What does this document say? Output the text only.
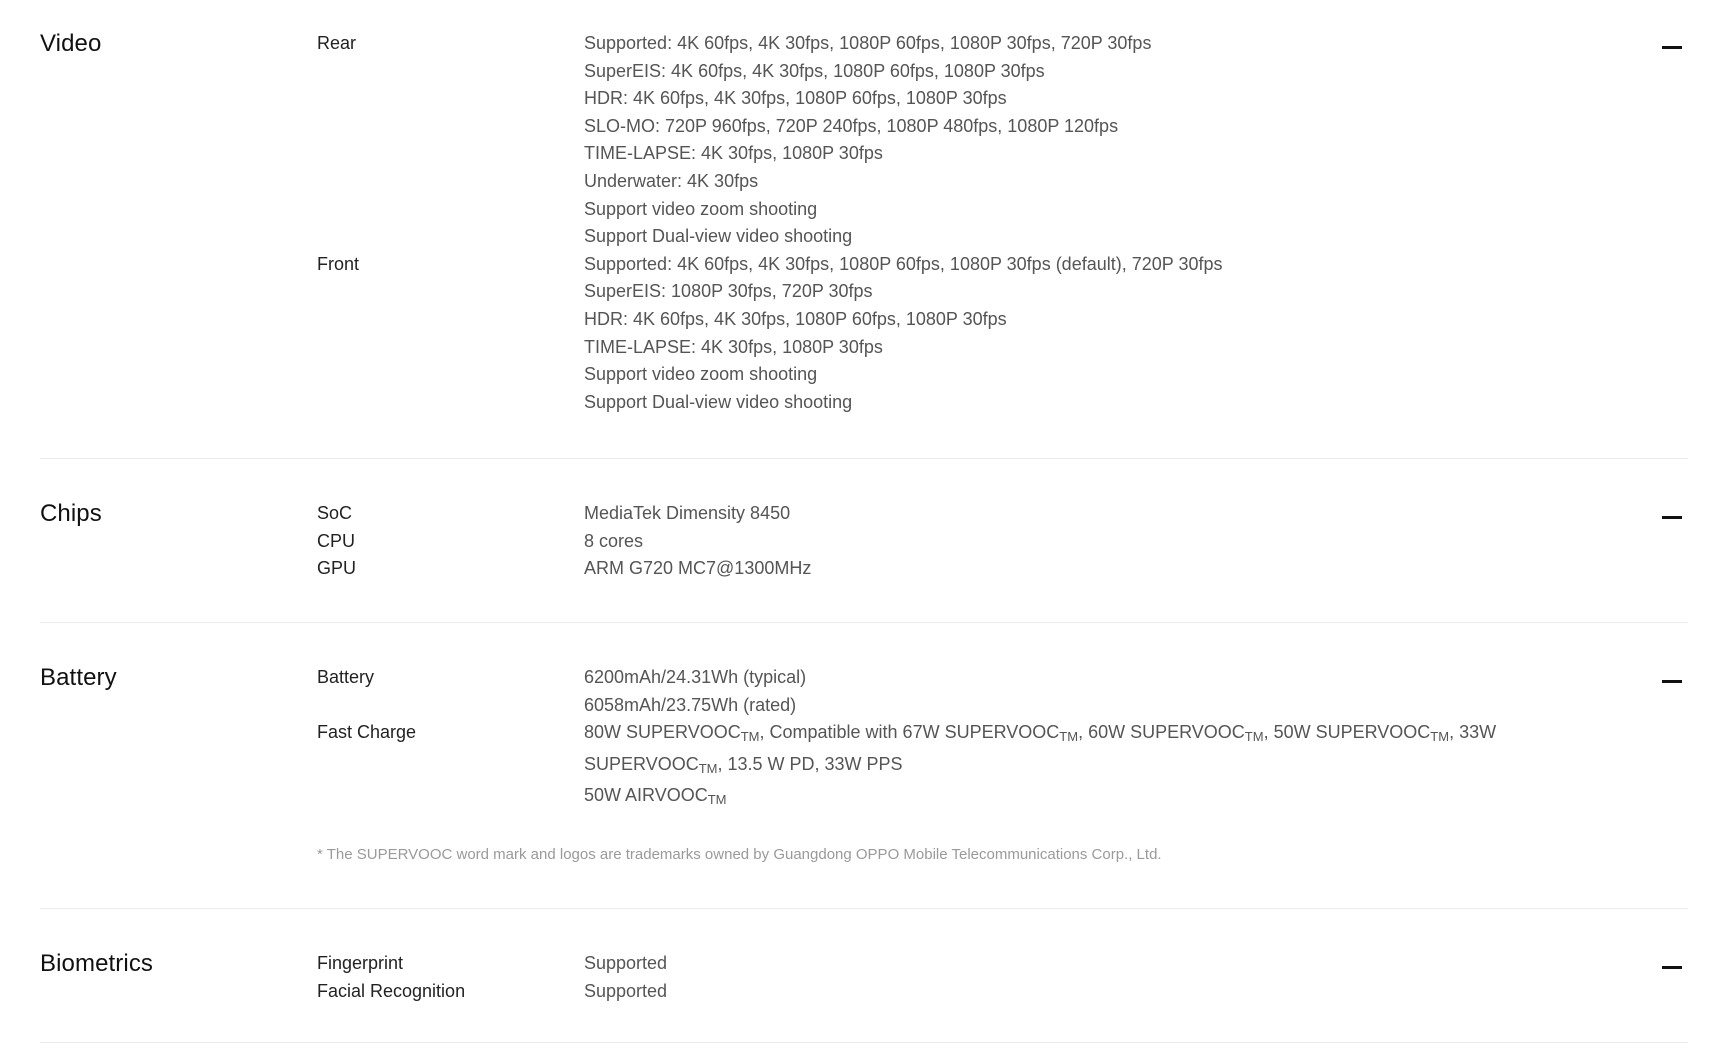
Video	Rear	Supported: 4K 60fps, 4K 30fps, 1080P 60fps, 1080P 30fps, 720P 30fps
SuperEIS: 4K 60fps, 4K 30fps, 1080P 60fps, 1080P 30fps
HDR: 4K 60fps, 4K 30fps, 1080P 60fps, 1080P 30fps
SLO-MO: 720P 960fps, 720P 240fps, 1080P 480fps, 1080P 120fps
TIME-LAPSE: 4K 30fps, 1080P 30fps
Underwater: 4K 30fps
Support video zoom shooting
Support Dual-view video shooting
Front	Supported: 4K 60fps, 4K 30fps, 1080P 60fps, 1080P 30fps (default), 720P 30fps
SuperEIS: 1080P 30fps, 720P 30fps
HDR: 4K 60fps, 4K 30fps, 1080P 60fps, 1080P 30fps
TIME-LAPSE: 4K 30fps, 1080P 30fps
Support video zoom shooting
Support Dual-view video shooting
Chips	SoC	MediaTek Dimensity 8450
CPU	8 cores
GPU	ARM G720 MC7@1300MHz
Battery	Battery	6200mAh/24.31Wh (typical)
6058mAh/23.75Wh (rated)
Fast Charge	80W SUPERVOOCTM, Compatible with 67W SUPERVOOCTM, 60W SUPERVOOCTM, 50W SUPERVOOCTM, 33W SUPERVOOCTM, 13.5 W PD, 33W PPS
50W AIRVOOCTM
* The SUPERVOOC word mark and logos are trademarks owned by Guangdong OPPO Mobile Telecommunications Corp., Ltd.
Biometrics	Fingerprint	Supported
Facial Recognition	Supported
